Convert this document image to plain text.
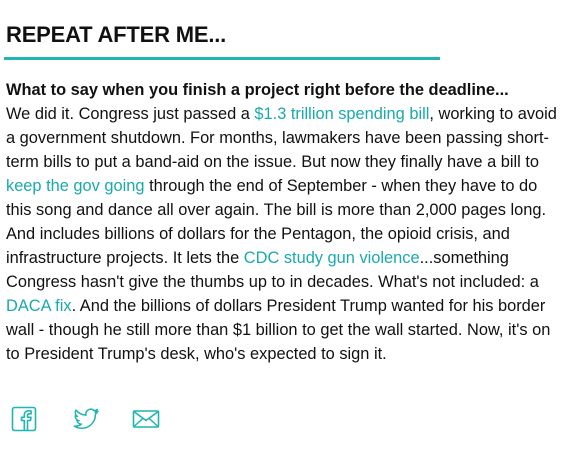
REPEAT AFTER ME...
What to say when you finish a project right before the deadline...
We did it. Congress just passed a $1.3 trillion spending bill, working to avoid a government shutdown. For months, lawmakers have been passing short-term bills to put a band-aid on the issue. But now they finally have a bill to keep the gov going through the end of September - when they have to do this song and dance all over again. The bill is more than 2,000 pages long. And includes billions of dollars for the Pentagon, the opioid crisis, and infrastructure projects. It lets the CDC study gun violence...something Congress hasn't give the thumbs up to in decades. What's not included: a DACA fix. And the billions of dollars President Trump wanted for his border wall - though he still more than $1 billion to get the wall started. Now, it's on to President Trump's desk, who's expected to sign it.
